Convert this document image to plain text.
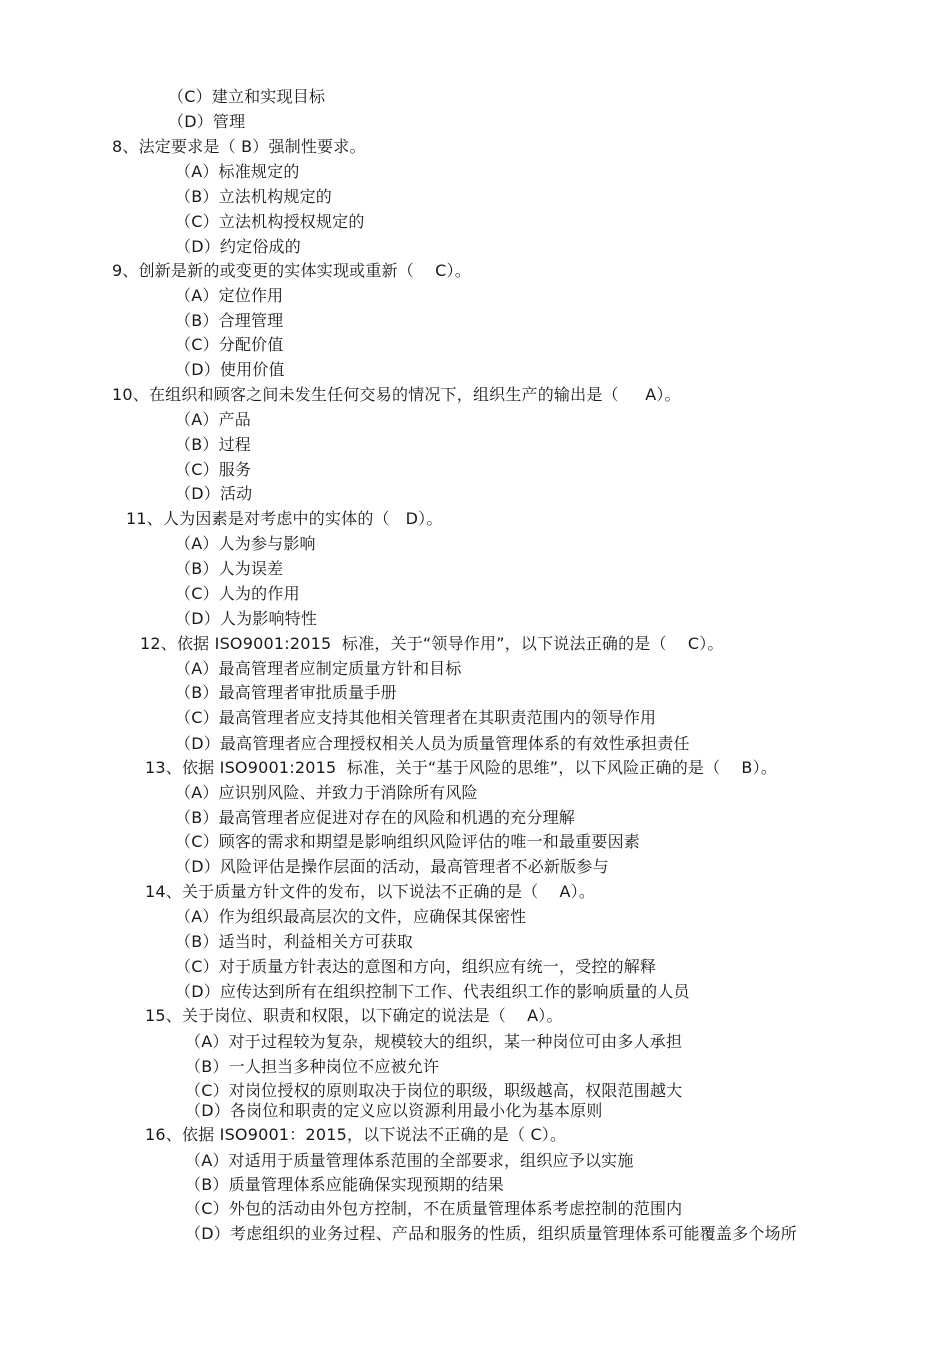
（C）建立和实现目标
（D）管理
8、法定要求是（ B）强制性要求。
（A）标准规定的
（B）立法机构规定的
（C）立法机构授权规定的
（D）约定俗成的
9、创新是新的或变更的实体实现或重新（    C）。
（A）定位作用
（B）合理管理
（C）分配价值
（D）使用价值
10、在组织和顾客之间未发生任何交易的情况下，组织生产的输出是（     A）。
（A）产品
（B）过程
（C）服务
（D）活动
11、人为因素是对考虑中的实体的（   D）。
（A）人为参与影响
（B）人为误差
（C）人为的作用
（D）人为影响特性
12、依据 ISO9001:2015  标准，关于“领导作用”，以下说法正确的是（    C）。
（A）最高管理者应制定质量方针和目标
（B）最高管理者审批质量手册
（C）最高管理者应支持其他相关管理者在其职责范围内的领导作用
（D）最高管理者应合理授权相关人员为质量管理体系的有效性承担责任
13、依据 ISO9001:2015  标准，关于“基于风险的思维”，以下风险正确的是（    B）。
（A）应识别风险、并致力于消除所有风险
（B）最高管理者应促进对存在的风险和机遇的充分理解
（C）顾客的需求和期望是影响组织风险评估的唯一和最重要因素
（D）风险评估是操作层面的活动，最高管理者不必新版参与
14、关于质量方针文件的发布，以下说法不正确的是（    A）。
（A）作为组织最高层次的文件，应确保其保密性
（B）适当时，利益相关方可获取
（C）对于质量方针表达的意图和方向，组织应有统一，受控的解释
（D）应传达到所有在组织控制下工作、代表组织工作的影响质量的人员
15、关于岗位、职责和权限，以下确定的说法是（    A）。
（A）对于过程较为复杂，规模较大的组织，某一种岗位可由多人承担
（B）一人担当多种岗位不应被允许
（C）对岗位授权的原则取决于岗位的职级，职级越高，权限范围越大
（D）各岗位和职责的定义应以资源利用最小化为基本原则
16、依据 ISO9001：2015，以下说法不正确的是（ C）。
（A）对适用于质量管理体系范围的全部要求，组织应予以实施
（B）质量管理体系应能确保实现预期的结果
（C）外包的活动由外包方控制，不在质量管理体系考虑控制的范围内
（D）考虑组织的业务过程、产品和服务的性质，组织质量管理体系可能覆盖多个场所
